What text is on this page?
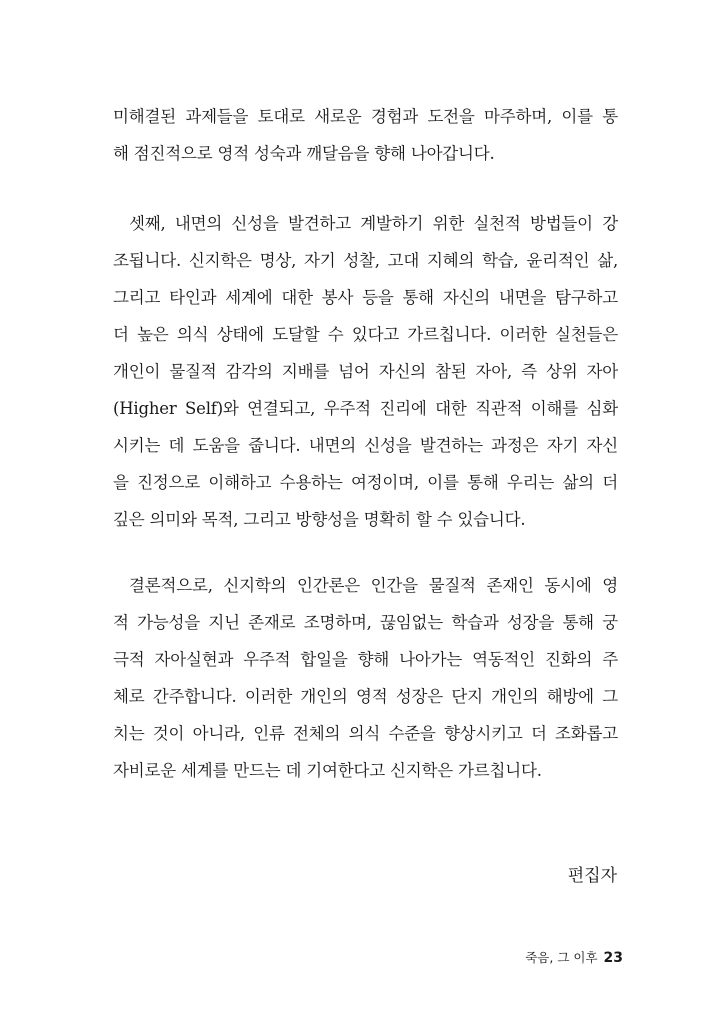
미해결된 과제들을 토대로 새로운 경험과 도전을 마주하며, 이를 통
해 점진적으로 영적 성숙과 깨달음을 향해 나아갑니다.
셋째, 내면의 신성을 발견하고 계발하기 위한 실천적 방법들이 강
조됩니다. 신지학은 명상, 자기 성찰, 고대 지혜의 학습, 윤리적인 삶,
그리고 타인과 세계에 대한 봉사 등을 통해 자신의 내면을 탐구하고
더 높은 의식 상태에 도달할 수 있다고 가르칩니다. 이러한 실천들은
개인이 물질적 감각의 지배를 넘어 자신의 참된 자아, 즉 상위 자아
(Higher Self)와 연결되고, 우주적 진리에 대한 직관적 이해를 심화
시키는 데 도움을 줍니다. 내면의 신성을 발견하는 과정은 자기 자신
을 진정으로 이해하고 수용하는 여정이며, 이를 통해 우리는 삶의 더
깊은 의미와 목적, 그리고 방향성을 명확히 할 수 있습니다.
결론적으로, 신지학의 인간론은 인간을 물질적 존재인 동시에 영
적 가능성을 지닌 존재로 조명하며, 끊임없는 학습과 성장을 통해 궁
극적 자아실현과 우주적 합일을 향해 나아가는 역동적인 진화의 주
체로 간주합니다. 이러한 개인의 영적 성장은 단지 개인의 해방에 그
치는 것이 아니라, 인류 전체의 의식 수준을 향상시키고 더 조화롭고
자비로운 세계를 만드는 데 기여한다고 신지학은 가르칩니다.
편집자
죽음, 그 이후 23
